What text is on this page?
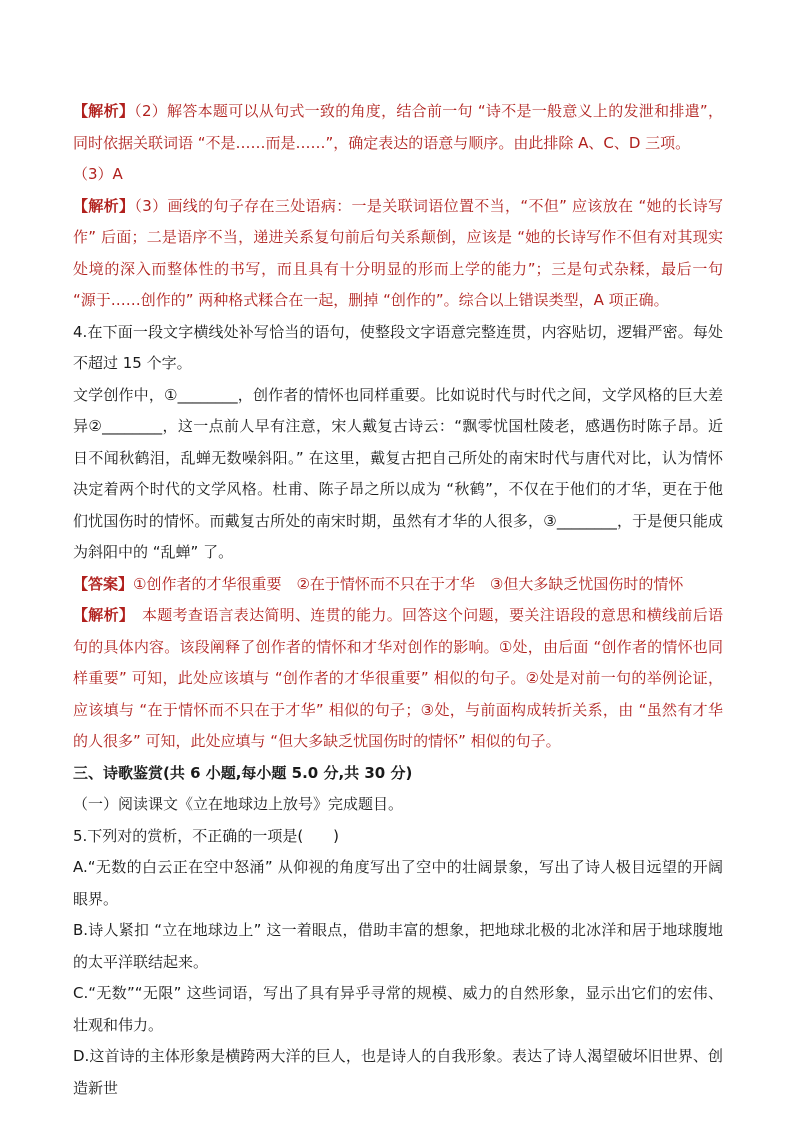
【解析】（2）解答本题可以从句式一致的角度，结合前一句 “诗不是一般意义上的发泄和排遣”，同时依据关联词语 “不是……而是……”，确定表达的语意与顺序。由此排除 A、C、D 三项。

（3）A

【解析】（3）画线的句子存在三处语病：一是关联词语位置不当，“不但” 应该放在 “她的长诗写作” 后面；二是语序不当，递进关系复句前后句关系颠倒，应该是 “她的长诗写作不但有对其现实处境的深入而整体性的书写，而且具有十分明显的形而上学的能力”；三是句式杂糅，最后一句 “源于……创作的” 两种格式糅合在一起，删掉 “创作的”。综合以上错误类型，A 项正确。

4.在下面一段文字横线处补写恰当的语句，使整段文字语意完整连贯，内容贴切，逻辑严密。每处不超过 15 个字。

文学创作中，①________，创作者的情怀也同样重要。比如说时代与时代之间，文学风格的巨大差异②________，这一点前人早有注意，宋人戴复古诗云：“飘零忧国杜陵老，感遇伤时陈子昂。近日不闻秋鹤泪，乱蝉无数噪斜阳。” 在这里，戴复古把自己所处的南宋时代与唐代对比，认为情怀决定着两个时代的文学风格。杜甫、陈子昂之所以成为 “秋鹤”，不仅在于他们的才华，更在于他们忧国伤时的情怀。而戴复古所处的南宋时期，虽然有才华的人很多，③________，于是便只能成为斜阳中的 “乱蝉” 了。

【答案】①创作者的才华很重要　②在于情怀而不只在于才华　③但大多缺乏忧国伤时的情怀

【解析】　本题考查语言表达简明、连贯的能力。回答这个问题，要关注语段的意思和横线前后语句的具体内容。该段阐释了创作者的情怀和才华对创作的影响。①处，由后面 “创作者的情怀也同样重要” 可知，此处应该填与 “创作者的才华很重要” 相似的句子。②处是对前一句的举例论证，应该填与 “在于情怀而不只在于才华” 相似的句子；③处，与前面构成转折关系，由 “虽然有才华的人很多” 可知，此处应填与 “但大多缺乏忧国伤时的情怀” 相似的句子。

三、诗歌鉴赏(共 6 小题,每小题 5.0 分,共 30 分)

（一）阅读课文《立在地球边上放号》完成题目。

5.下列对的赏析，不正确的一项是(　　)

A.“无数的白云正在空中怒涌” 从仰视的角度写出了空中的壮阔景象，写出了诗人极目远望的开阔眼界。

B.诗人紧扣 “立在地球边上” 这一着眼点，借助丰富的想象，把地球北极的北冰洋和居于地球腹地的太平洋联结起来。

C.“无数”“无限” 这些词语，写出了具有异乎寻常的规模、威力的自然形象，显示出它们的宏伟、壮观和伟力。

D.这首诗的主体形象是横跨两大洋的巨人，也是诗人的自我形象。表达了诗人渴望破坏旧世界、创造新世
